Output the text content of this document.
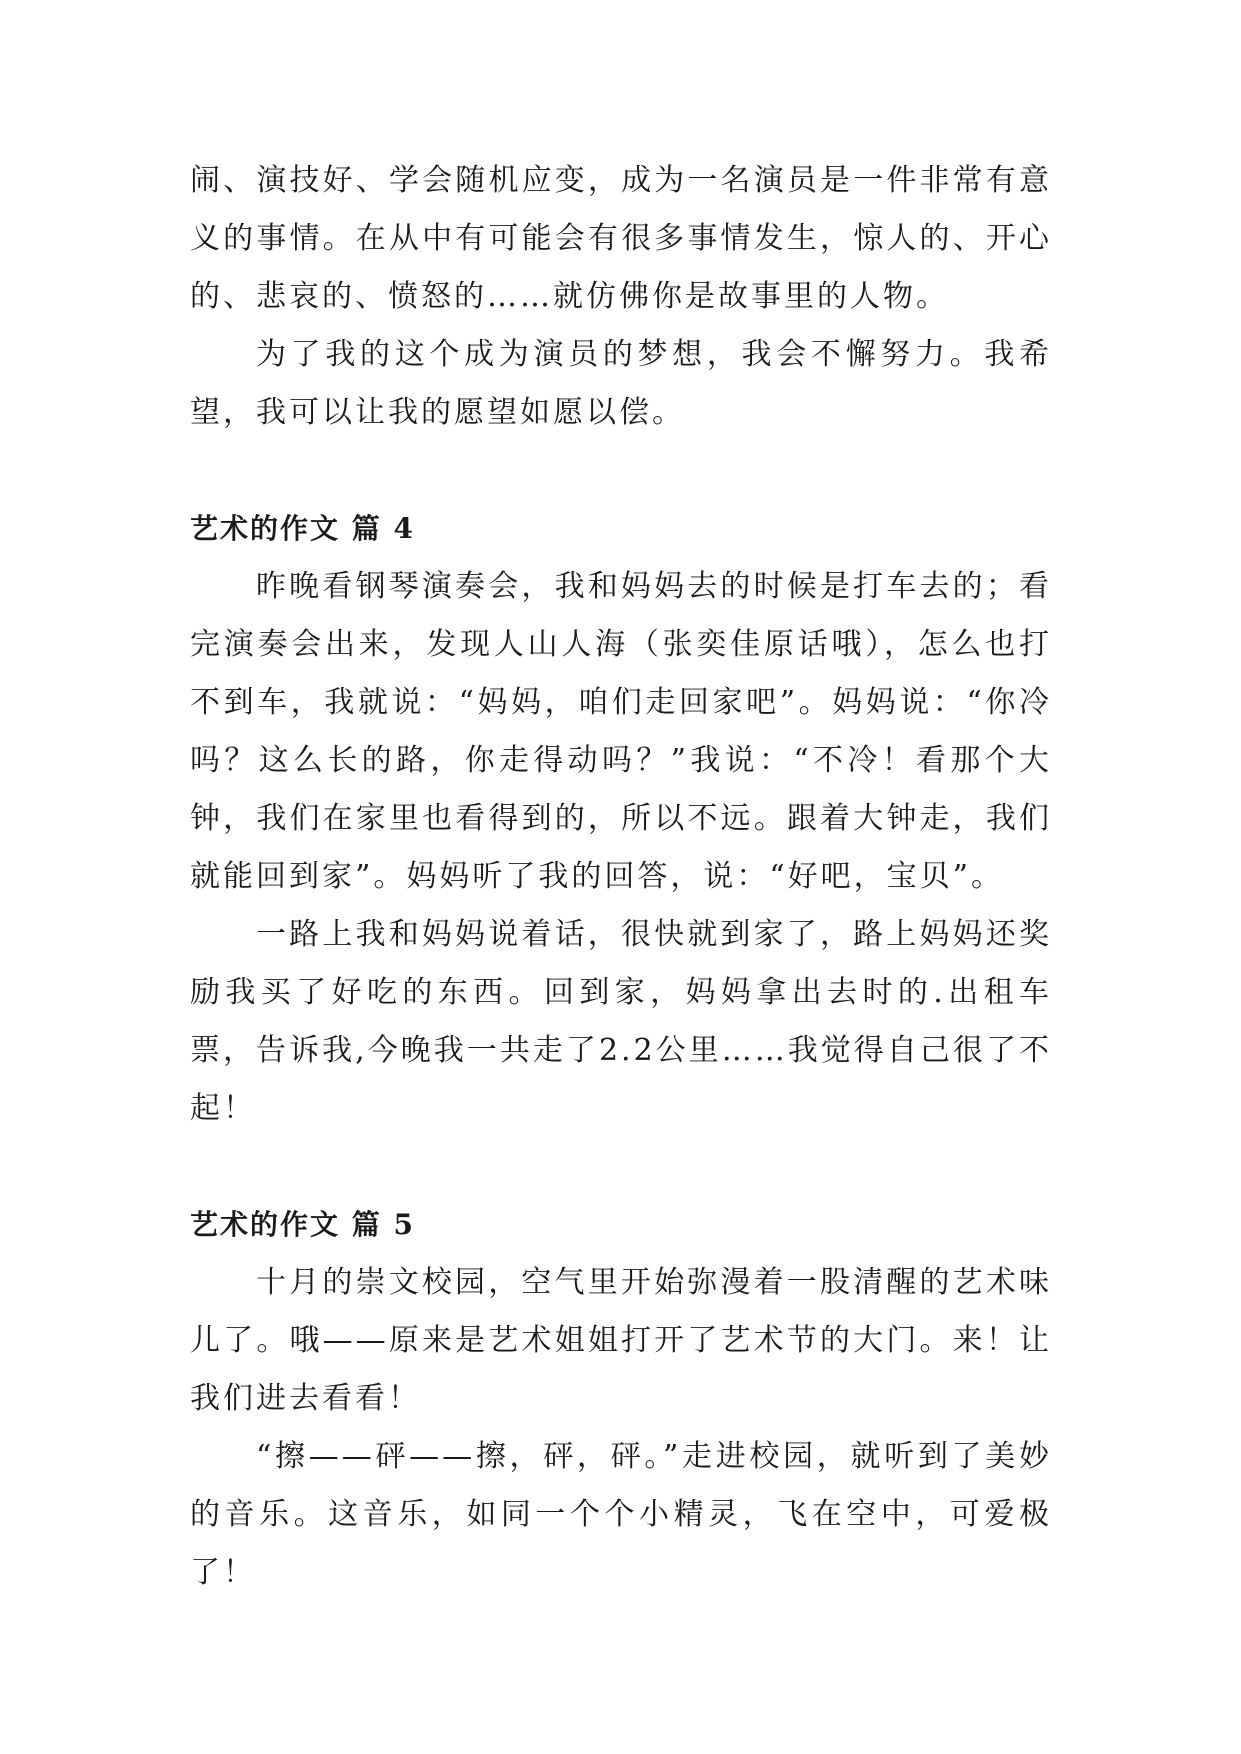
闹、演技好、学会随机应变，成为一名演员是一件非常有意义的事情。在从中有可能会有很多事情发生，惊人的、开心的、悲哀的、愤怒的……就仿佛你是故事里的人物。

为了我的这个成为演员的梦想，我会不懈努力。我希望，我可以让我的愿望如愿以偿。

艺术的作文 篇 4

昨晚看钢琴演奏会，我和妈妈去的时候是打车去的；看完演奏会出来，发现人山人海（张奕佳原话哦），怎么也打不到车，我就说：“妈妈，咱们走回家吧”。妈妈说：“你冷吗？这么长的路，你走得动吗？”我说：“不冷！看那个大钟，我们在家里也看得到的，所以不远。跟着大钟走，我们就能回到家”。妈妈听了我的回答，说：“好吧，宝贝”。

一路上我和妈妈说着话，很快就到家了，路上妈妈还奖励我买了好吃的东西。回到家，妈妈拿出去时的.出租车票，告诉我,今晚我一共走了2.2公里……我觉得自己很了不起！

艺术的作文 篇 5

十月的崇文校园，空气里开始弥漫着一股清醒的艺术味儿了。哦——原来是艺术姐姐打开了艺术节的大门。来！让我们进去看看！

“擦——砰——擦，砰，砰。”走进校园，就听到了美妙的音乐。这音乐，如同一个个小精灵，飞在空中，可爱极了！
